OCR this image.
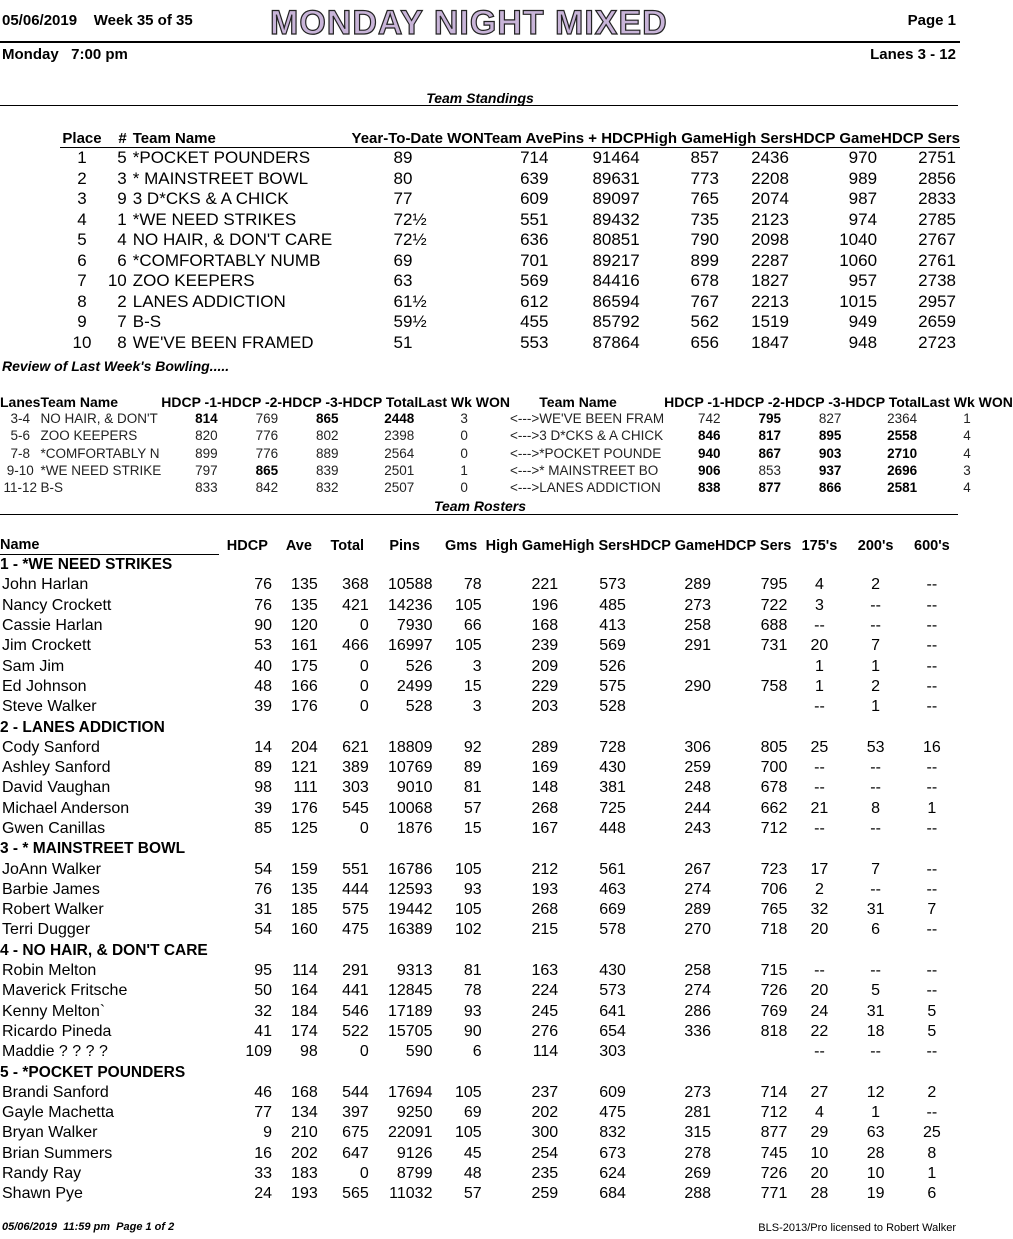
05/06/2019 Week 35 of 35 MONDAY NIGHT MIXED	Page 1
Monday   7:00 pm	Lanes 3 - 12
Team Standings
Place	#	Team Name	Year-To-Date WON	Team Ave	Pins + HDCP	High Game	High Sers	HDCP Game	HDCP Sers
1	5	*POCKET POUNDERS	89	714	91464	857	2436	970	2751
2	3	* MAINSTREET BOWL	80	639	89631	773	2208	989	2856
3	9	3 D*CKS & A CHICK	77	609	89097	765	2074	987	2833
4	1	*WE NEED STRIKES	72½	551	89432	735	2123	974	2785
5	4	NO HAIR, & DON'T CARE	72½	636	80851	790	2098	1040	2767
6	6	*COMFORTABLY NUMB	69	701	89217	899	2287	1060	2761
7	10	ZOO KEEPERS	63	569	84416	678	1827	957	2738
8	2	LANES ADDICTION	61½	612	86594	767	2213	1015	2957
9	7	B-S	59½	455	85792	562	1519	949	2659
10	8	WE'VE BEEN FRAMED	51	553	87864	656	1847	948	2723
Review of Last Week's Bowling.....
Lanes	Team Name	HDCP -1-	HDCP -2-	HDCP -3-	HDCP Total	Last Wk WON		Team Name	HDCP -1-	HDCP -2-	HDCP -3-	HDCP Total	Last Wk WON
3-4	NO HAIR, & DON'T	814	769	865	2448	3	<--->	WE'VE BEEN FRAM	742	795	827	2364	1
5-6	ZOO KEEPERS	820	776	802	2398	0	<--->	3 D*CKS & A CHICK	846	817	895	2558	4
7-8	*COMFORTABLY N	899	776	889	2564	0	<--->	*POCKET POUNDE	940	867	903	2710	4
9-10	*WE NEED STRIKE	797	865	839	2501	1	<--->	* MAINSTREET BO	906	853	937	2696	3
11-12	B-S	833	842	832	2507	0	<--->	LANES ADDICTION	838	877	866	2581	4
Team Rosters
Name	HDCP	Ave	Total	Pins	Gms	High Game	High Sers	HDCP Game	HDCP Sers	175's	200's	600's
1 - *WE NEED STRIKES												
John Harlan	76	135	368	10588	78	221	573	289	795	4	2	--
Nancy Crockett	76	135	421	14236	105	196	485	273	722	3	--	--
Cassie Harlan	90	120	0	7930	66	168	413	258	688	--	--	--
Jim Crockett	53	161	466	16997	105	239	569	291	731	20	7	--
Sam Jim	40	175	0	526	3	209	526			1	1	--
Ed Johnson	48	166	0	2499	15	229	575	290	758	1	2	--
Steve Walker	39	176	0	528	3	203	528			--	1	--
2 - LANES ADDICTION												
Cody Sanford	14	204	621	18809	92	289	728	306	805	25	53	16
Ashley Sanford	89	121	389	10769	89	169	430	259	700	--	--	--
David Vaughan	98	111	303	9010	81	148	381	248	678	--	--	--
Michael Anderson	39	176	545	10068	57	268	725	244	662	21	8	1
Gwen Canillas	85	125	0	1876	15	167	448	243	712	--	--	--
3 - * MAINSTREET BOWL												
JoAnn Walker	54	159	551	16786	105	212	561	267	723	17	7	--
Barbie James	76	135	444	12593	93	193	463	274	706	2	--	--
Robert Walker	31	185	575	19442	105	268	669	289	765	32	31	7
Terri Dugger	54	160	475	16389	102	215	578	270	718	20	6	--
4 - NO HAIR, & DON'T CARE												
Robin Melton	95	114	291	9313	81	163	430	258	715	--	--	--
Maverick Fritsche	50	164	441	12845	78	224	573	274	726	20	5	--
Kenny Melton`	32	184	546	17189	93	245	641	286	769	24	31	5
Ricardo Pineda	41	174	522	15705	90	276	654	336	818	22	18	5
Maddie ? ? ? ?	109	98	0	590	6	114	303			--	--	--
5 - *POCKET POUNDERS												
Brandi Sanford	46	168	544	17694	105	237	609	273	714	27	12	2
Gayle Machetta	77	134	397	9250	69	202	475	281	712	4	1	--
Bryan Walker	9	210	675	22091	105	300	832	315	877	29	63	25
Brian Summers	16	202	647	9126	45	254	673	278	745	10	28	8
Randy Ray	33	183	0	8799	48	235	624	269	726	20	10	1
Shawn Pye	24	193	565	11032	57	259	684	288	771	28	19	6
05/06/2019  11:59 pm  Page 1 of 2	BLS-2013/Pro licensed to Robert Walker
